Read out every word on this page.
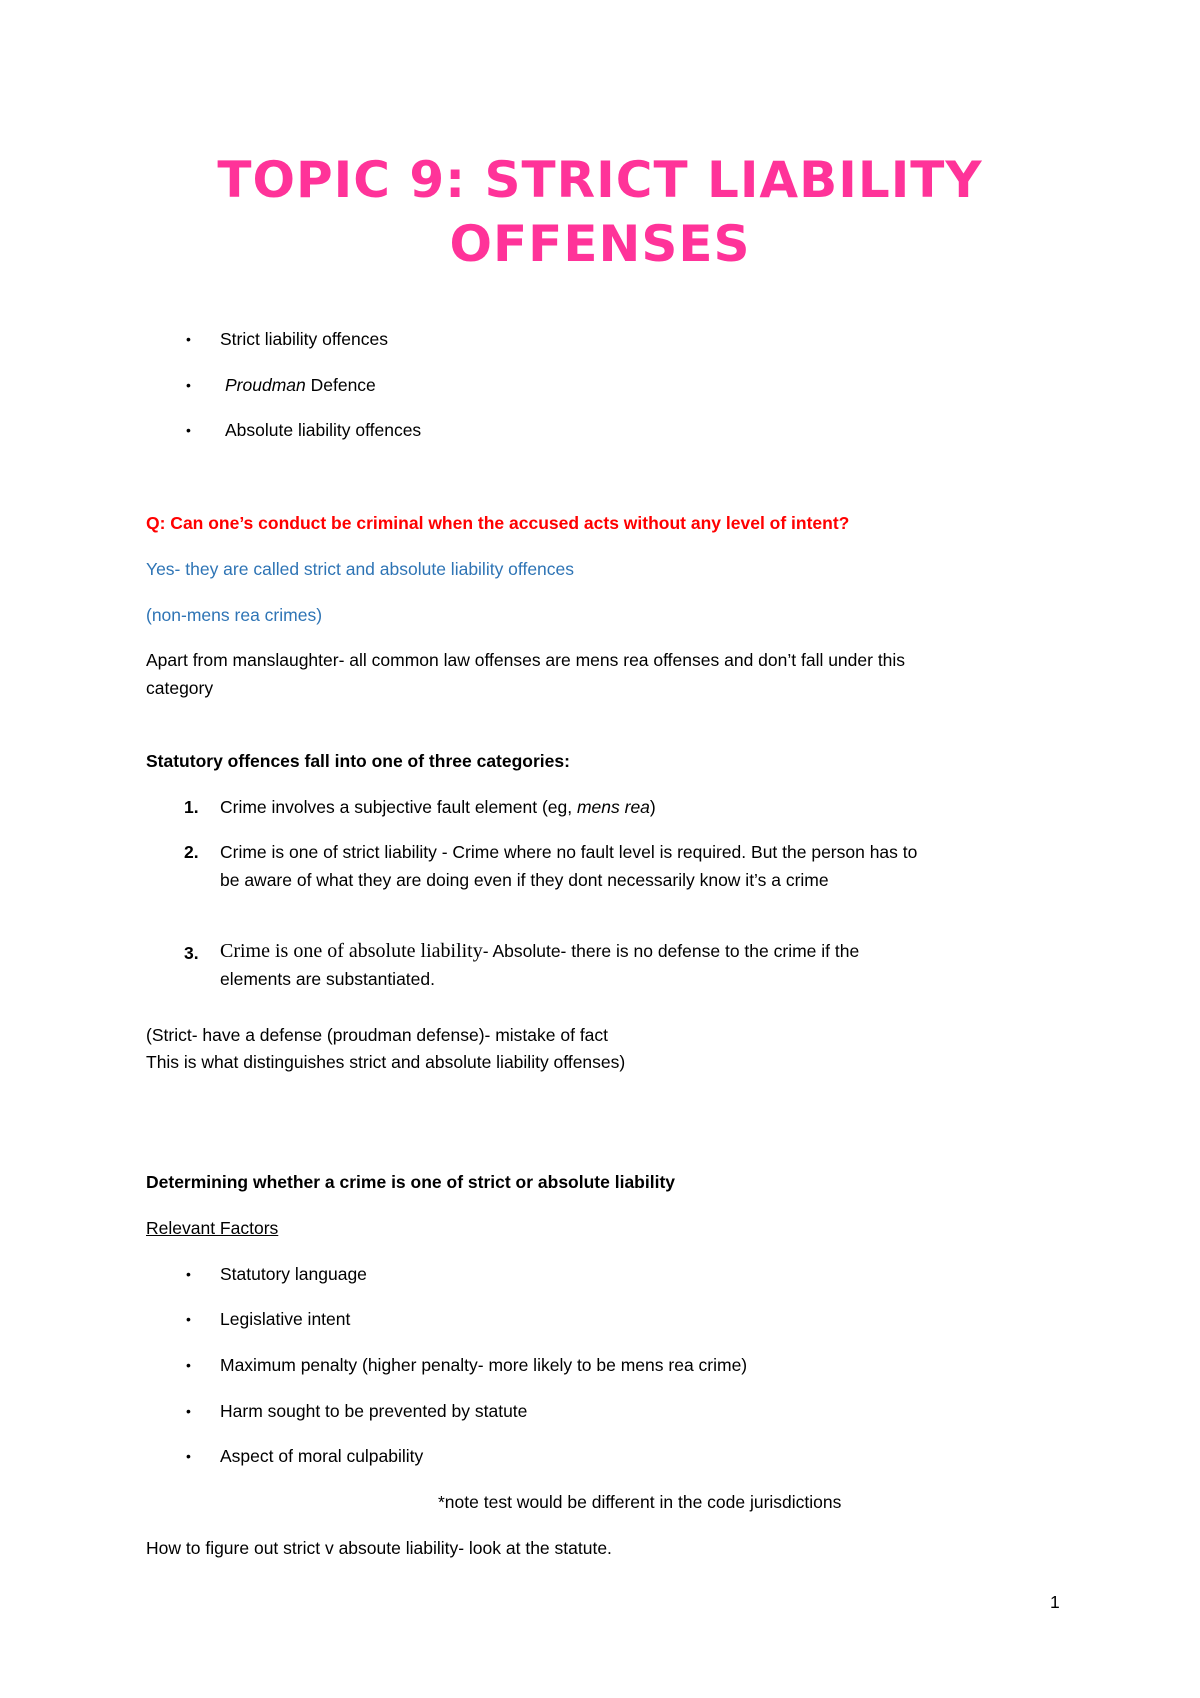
TOPIC 9: STRICT LIABILITY
OFFENSES
• Strict liability offences
• Proudman Defence
• Absolute liability offences
Q: Can one’s conduct be criminal when the accused acts without any level of intent?
Yes- they are called strict and absolute liability offences
(non-mens rea crimes)
Apart from manslaughter- all common law offenses are mens rea offenses and don’t fall under this
category
Statutory offences fall into one of three categories:
1. Crime involves a subjective fault element (eg, mens rea)
2. Crime is one of strict liability - Crime where no fault level is required. But the person has to
be aware of what they are doing even if they dont necessarily know it’s a crime
3. Crime is one of absolute liability- Absolute- there is no defense to the crime if the
elements are substantiated.
(Strict- have a defense (proudman defense)- mistake of fact
This is what distinguishes strict and absolute liability offenses)
Determining whether a crime is one of strict or absolute liability
Relevant Factors
• Statutory language
• Legislative intent
• Maximum penalty (higher penalty- more likely to be mens rea crime)
• Harm sought to be prevented by statute
• Aspect of moral culpability
*note test would be different in the code jurisdictions
How to figure out strict v absoute liability- look at the statute.
1
